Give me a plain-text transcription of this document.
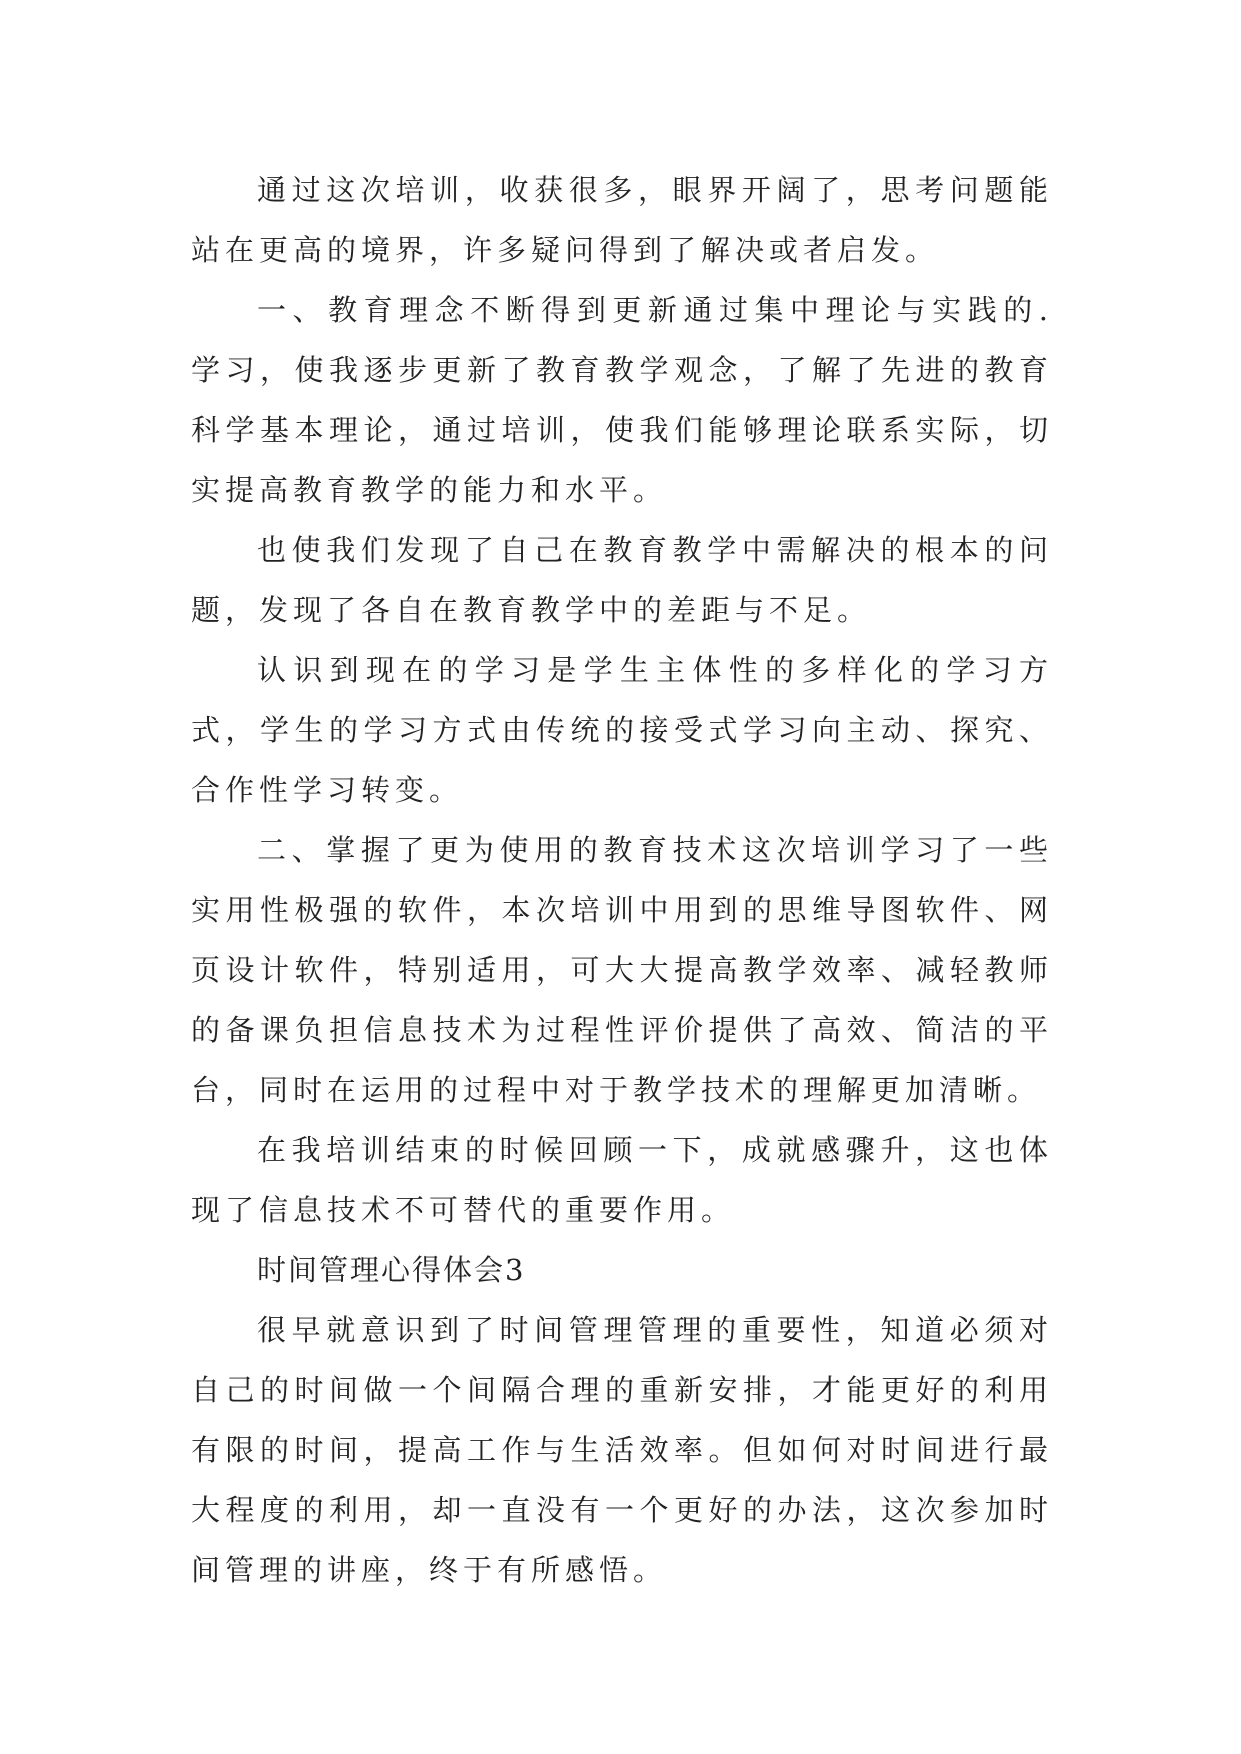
通过这次培训，收获很多，眼界开阔了，思考问题能站在更高的境界，许多疑问得到了解决或者启发。

一、教育理念不断得到更新通过集中理论与实践的.学习，使我逐步更新了教育教学观念，了解了先进的教育科学基本理论，通过培训，使我们能够理论联系实际，切实提高教育教学的能力和水平。

也使我们发现了自己在教育教学中需解决的根本的问题，发现了各自在教育教学中的差距与不足。

认识到现在的学习是学生主体性的多样化的学习方式，学生的学习方式由传统的接受式学习向主动、探究、合作性学习转变。

二、掌握了更为使用的教育技术这次培训学习了一些实用性极强的软件，本次培训中用到的思维导图软件、网页设计软件，特别适用，可大大提高教学效率、减轻教师的备课负担信息技术为过程性评价提供了高效、简洁的平台，同时在运用的过程中对于教学技术的理解更加清晰。

在我培训结束的时候回顾一下，成就感骤升，这也体现了信息技术不可替代的重要作用。

时间管理心得体会3

很早就意识到了时间管理管理的重要性，知道必须对自己的时间做一个间隔合理的重新安排，才能更好的利用有限的时间，提高工作与生活效率。但如何对时间进行最大程度的利用，却一直没有一个更好的办法，这次参加时间管理的讲座，终于有所感悟。
